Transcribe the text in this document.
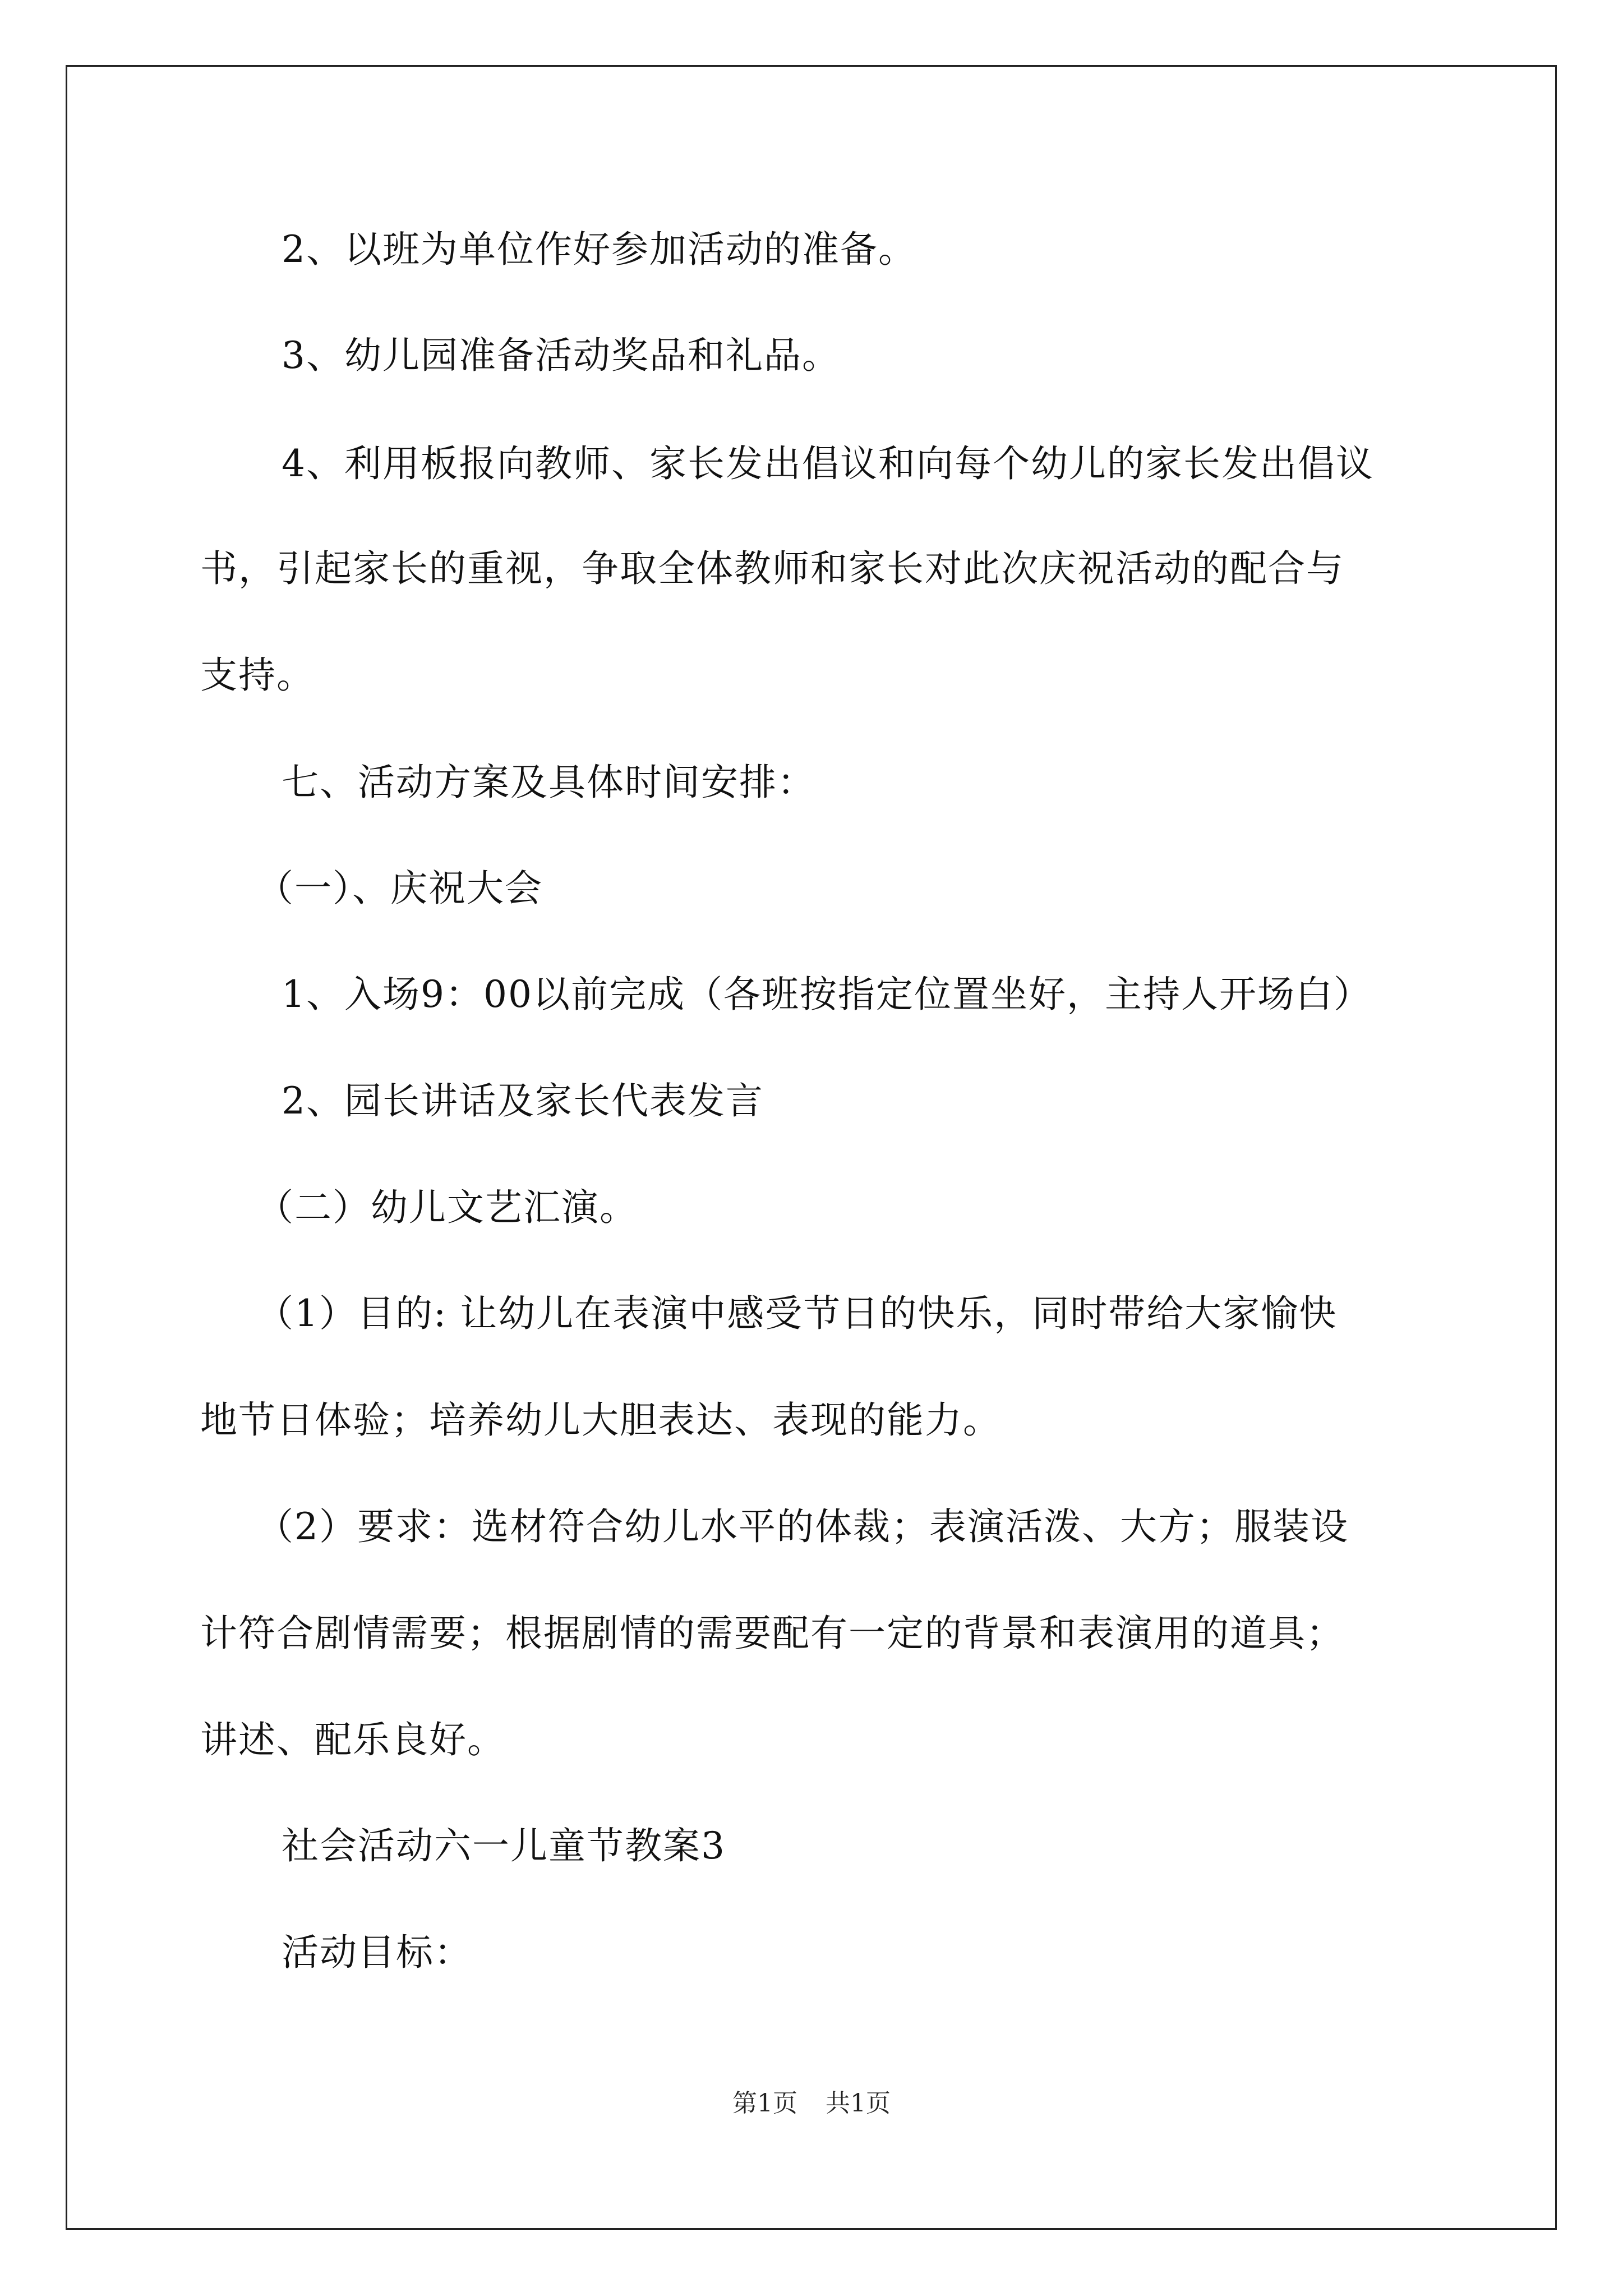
2、以班为单位作好参加活动的准备。
3、幼儿园准备活动奖品和礼品。
4、利用板报向教师、家长发出倡议和向每个幼儿的家长发出倡议
书，引起家长的重视，争取全体教师和家长对此次庆祝活动的配合与
支持。
七、活动方案及具体时间安排：
（一）、庆祝大会
1、入场9：00以前完成（各班按指定位置坐好，主持人开场白）
2、园长讲话及家长代表发言
（二）幼儿文艺汇演。
（1）目的: 让幼儿在表演中感受节日的快乐，同时带给大家愉快
地节日体验；培养幼儿大胆表达、表现的能力。
（2）要求：选材符合幼儿水平的体裁；表演活泼、大方；服装设
计符合剧情需要；根据剧情的需要配有一定的背景和表演用的道具；
讲述、配乐良好。
社会活动六一儿童节教案3
活动目标：
第1页 共1页
